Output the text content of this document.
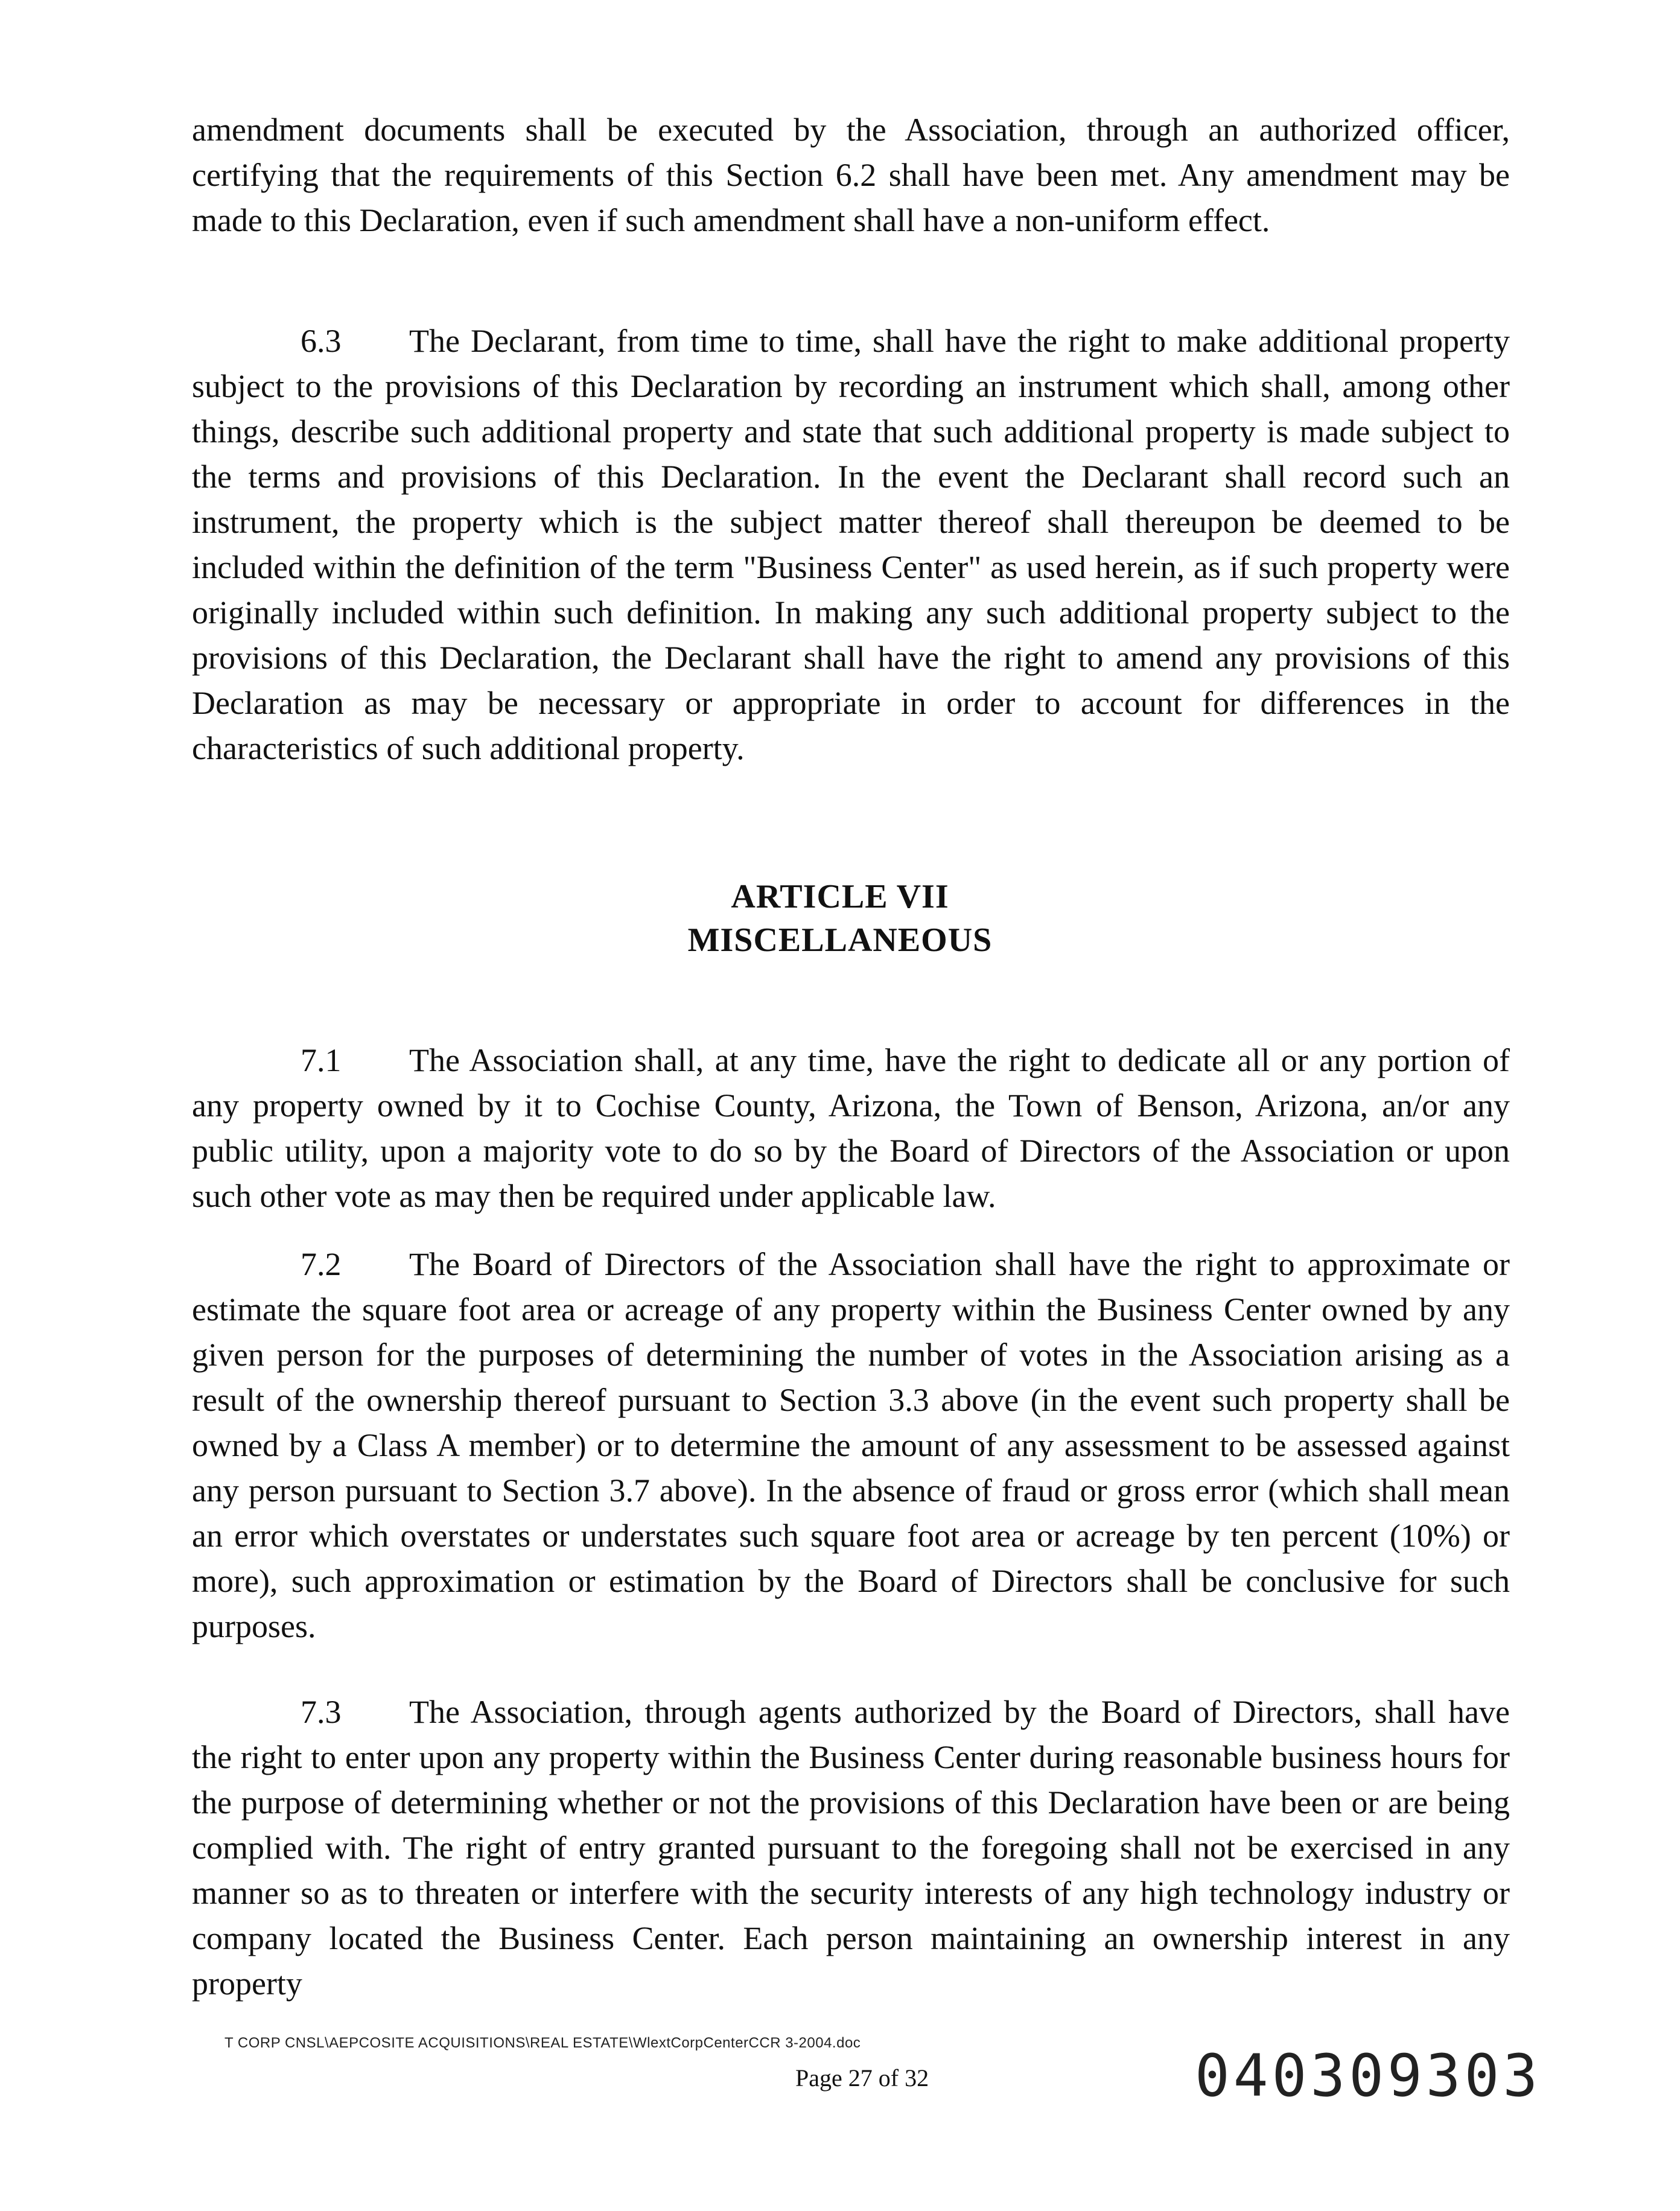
amendment documents shall be executed by the Association, through an authorized officer, certifying that the requirements of this Section 6.2 shall have been met. Any amendment may be made to this Declaration, even if such amendment shall have a non-uniform effect.

6.3 The Declarant, from time to time, shall have the right to make additional property subject to the provisions of this Declaration by recording an instrument which shall, among other things, describe such additional property and state that such additional property is made subject to the terms and provisions of this Declaration. In the event the Declarant shall record such an instrument, the property which is the subject matter thereof shall thereupon be deemed to be included within the definition of the term "Business Center" as used herein, as if such property were originally included within such definition. In making any such additional property subject to the provisions of this Declaration, the Declarant shall have the right to amend any provisions of this Declaration as may be necessary or appropriate in order to account for differences in the characteristics of such additional property.

ARTICLE VII
MISCELLANEOUS

7.1 The Association shall, at any time, have the right to dedicate all or any portion of any property owned by it to Cochise County, Arizona, the Town of Benson, Arizona, an/or any public utility, upon a majority vote to do so by the Board of Directors of the Association or upon such other vote as may then be required under applicable law.

7.2 The Board of Directors of the Association shall have the right to approximate or estimate the square foot area or acreage of any property within the Business Center owned by any given person for the purposes of determining the number of votes in the Association arising as a result of the ownership thereof pursuant to Section 3.3 above (in the event such property shall be owned by a Class A member) or to determine the amount of any assessment to be assessed against any person pursuant to Section 3.7 above). In the absence of fraud or gross error (which shall mean an error which overstates or understates such square foot area or acreage by ten percent (10%) or more), such approximation or estimation by the Board of Directors shall be conclusive for such purposes.

7.3 The Association, through agents authorized by the Board of Directors, shall have the right to enter upon any property within the Business Center during reasonable business hours for the purpose of determining whether or not the provisions of this Declaration have been or are being complied with. The right of entry granted pursuant to the foregoing shall not be exercised in any manner so as to threaten or interfere with the security interests of any high technology industry or company located the Business Center. Each person maintaining an ownership interest in any property

T CORP CNSL\AEPCOSITE ACQUISITIONS\REAL ESTATE\WlextCorpCenterCCR 3-2004.doc
Page 27 of 32	040309303
